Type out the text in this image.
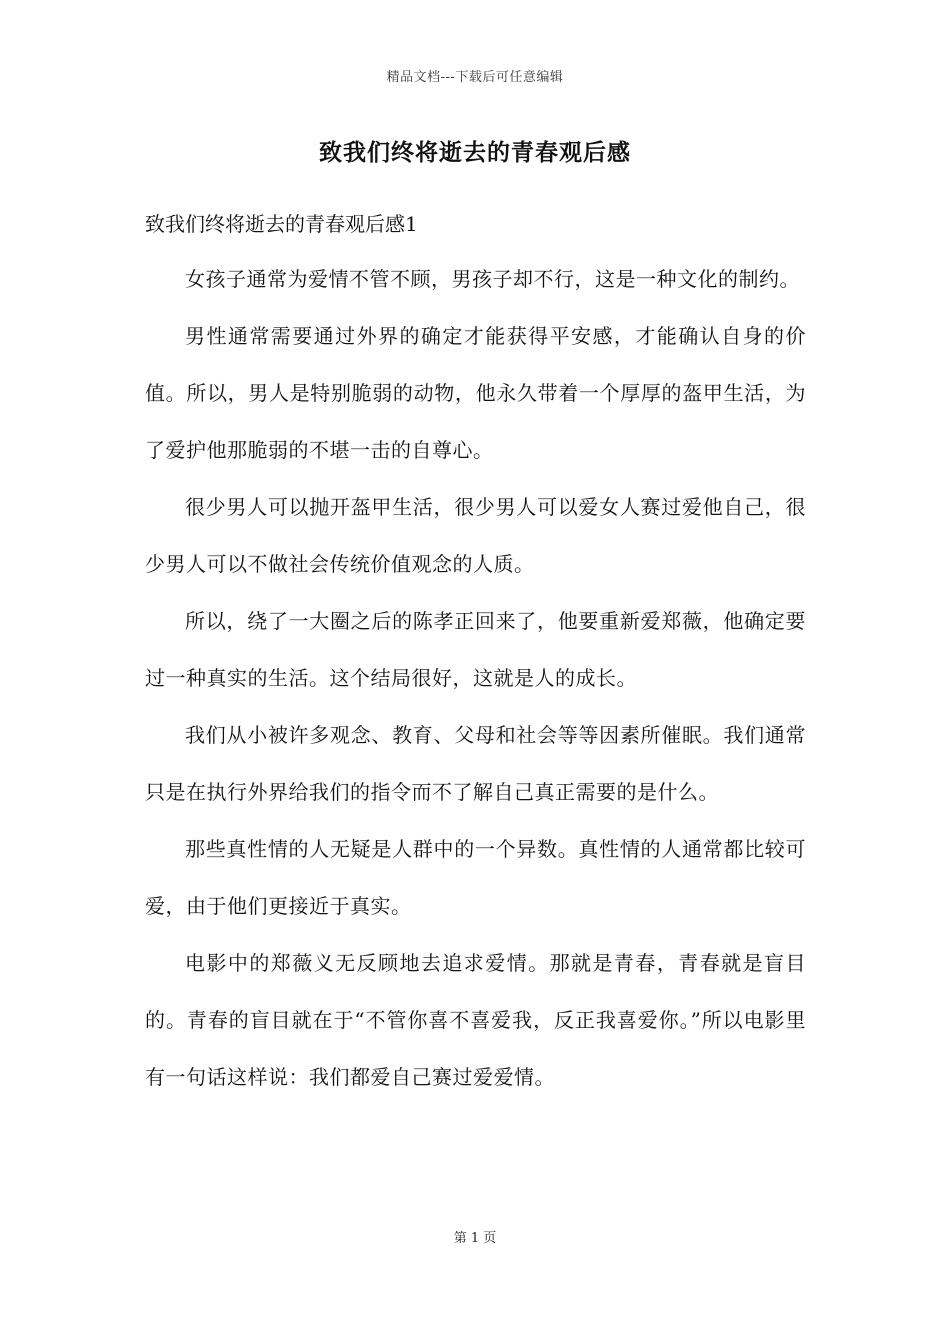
精品文档---下载后可任意编辑
致我们终将逝去的青春观后感
致我们终将逝去的青春观后感1

女孩子通常为爱情不管不顾，男孩子却不行，这是一种文化的制约。

男性通常需要通过外界的确定才能获得平安感，才能确认自身的价值。所以，男人是特别脆弱的动物，他永久带着一个厚厚的盔甲生活，为了爱护他那脆弱的不堪一击的自尊心。

很少男人可以抛开盔甲生活，很少男人可以爱女人赛过爱他自己，很少男人可以不做社会传统价值观念的人质。

所以，绕了一大圈之后的陈孝正回来了，他要重新爱郑薇，他确定要过一种真实的生活。这个结局很好，这就是人的成长。

我们从小被许多观念、教育、父母和社会等等因素所催眠。我们通常只是在执行外界给我们的指令而不了解自己真正需要的是什么。

那些真性情的人无疑是人群中的一个异数。真性情的人通常都比较可爱，由于他们更接近于真实。

电影中的郑薇义无反顾地去追求爱情。那就是青春，青春就是盲目的。青春的盲目就在于“不管你喜不喜爱我，反正我喜爱你。”所以电影里有一句话这样说：我们都爱自己赛过爱爱情。

第 1 页
